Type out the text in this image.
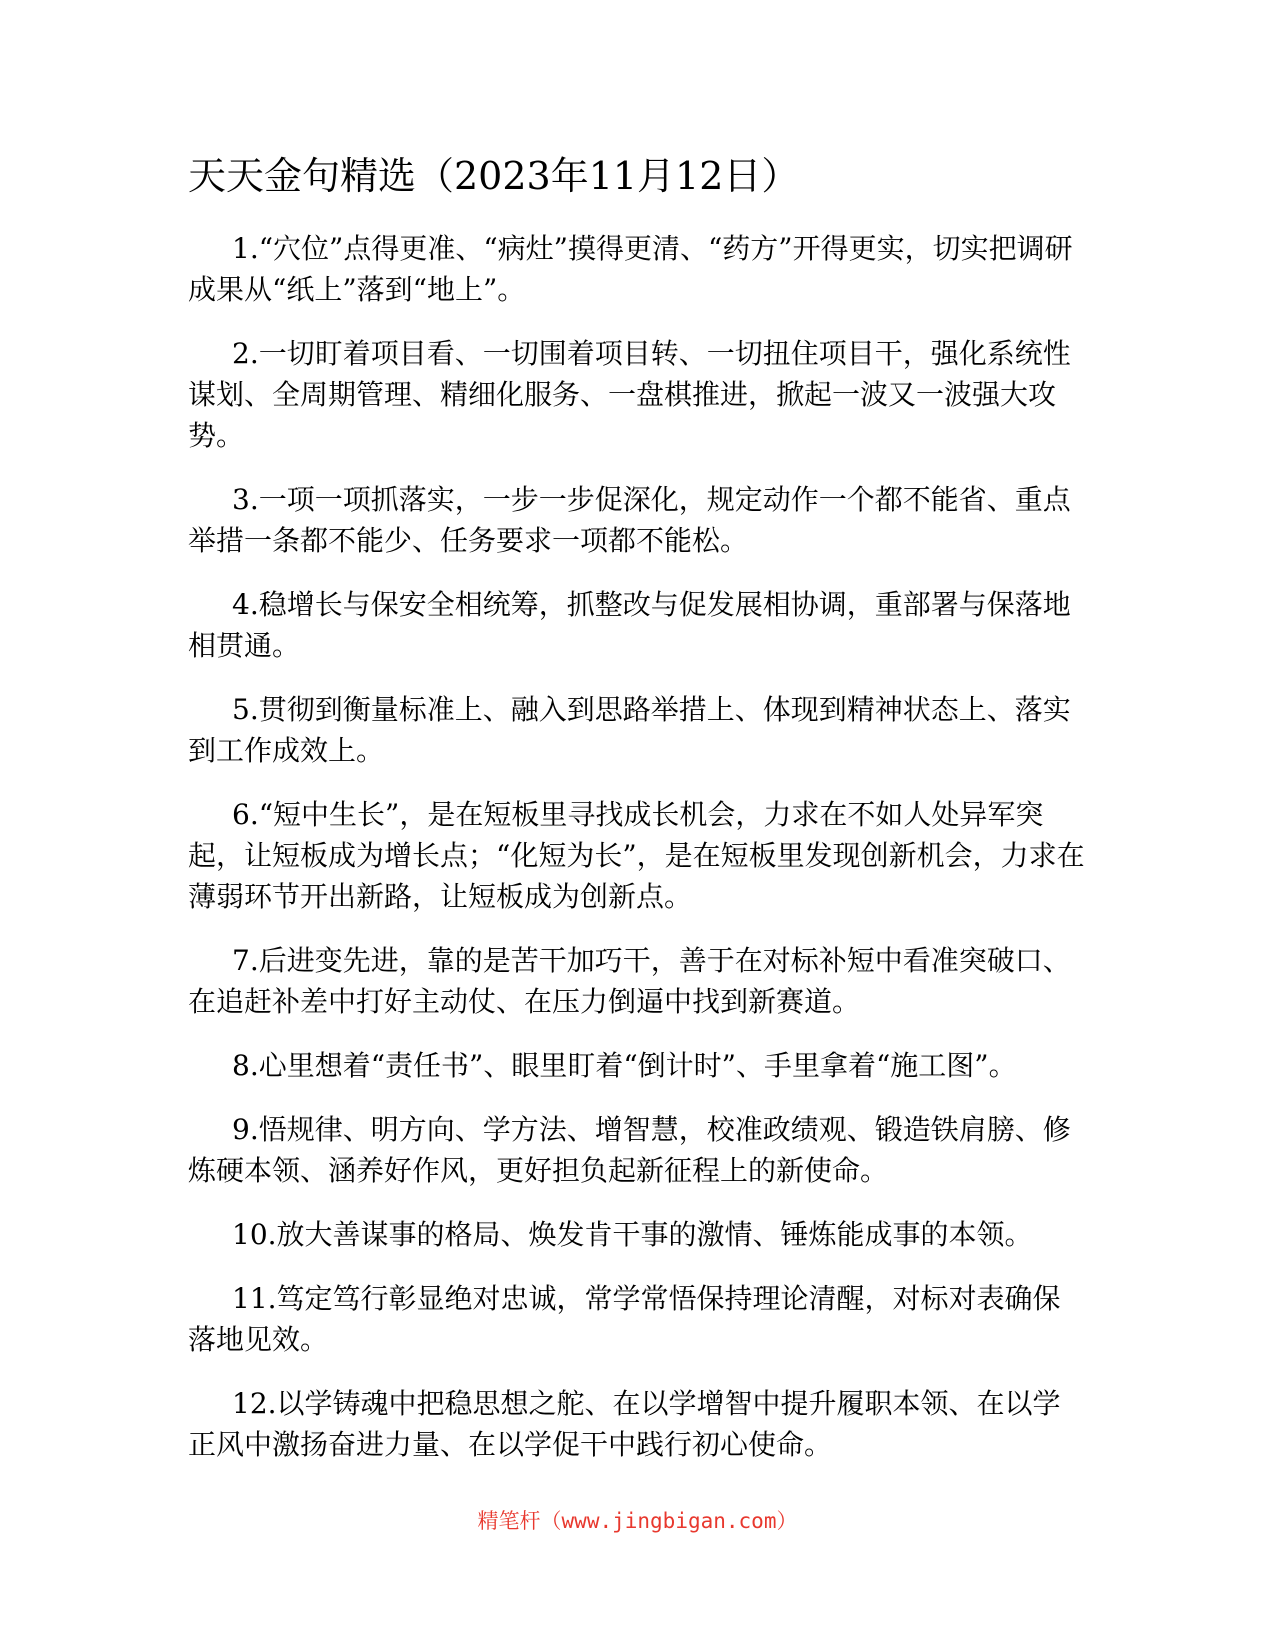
天天金句精选（2023年11月12日）

1.“穴位”点得更准、“病灶”摸得更清、“药方”开得更实，切实把调研成果从“纸上”落到“地上”。

2.一切盯着项目看、一切围着项目转、一切扭住项目干，强化系统性谋划、全周期管理、精细化服务、一盘棋推进，掀起一波又一波强大攻势。

3.一项一项抓落实，一步一步促深化，规定动作一个都不能省、重点举措一条都不能少、任务要求一项都不能松。

4.稳增长与保安全相统筹，抓整改与促发展相协调，重部署与保落地相贯通。

5.贯彻到衡量标准上、融入到思路举措上、体现到精神状态上、落实到工作成效上。

6.“短中生长”，是在短板里寻找成长机会，力求在不如人处异军突起，让短板成为增长点；“化短为长”，是在短板里发现创新机会，力求在薄弱环节开出新路，让短板成为创新点。

7.后进变先进，靠的是苦干加巧干，善于在对标补短中看准突破口、在追赶补差中打好主动仗、在压力倒逼中找到新赛道。

8.心里想着“责任书”、眼里盯着“倒计时”、手里拿着“施工图”。

9.悟规律、明方向、学方法、增智慧，校准政绩观、锻造铁肩膀、修炼硬本领、涵养好作风，更好担负起新征程上的新使命。

10.放大善谋事的格局、焕发肯干事的激情、锤炼能成事的本领。

11.笃定笃行彰显绝对忠诚，常学常悟保持理论清醒，对标对表确保落地见效。

12.以学铸魂中把稳思想之舵、在以学增智中提升履职本领、在以学正风中激扬奋进力量、在以学促干中践行初心使命。

精笔杆（www.jingbigan.com）
